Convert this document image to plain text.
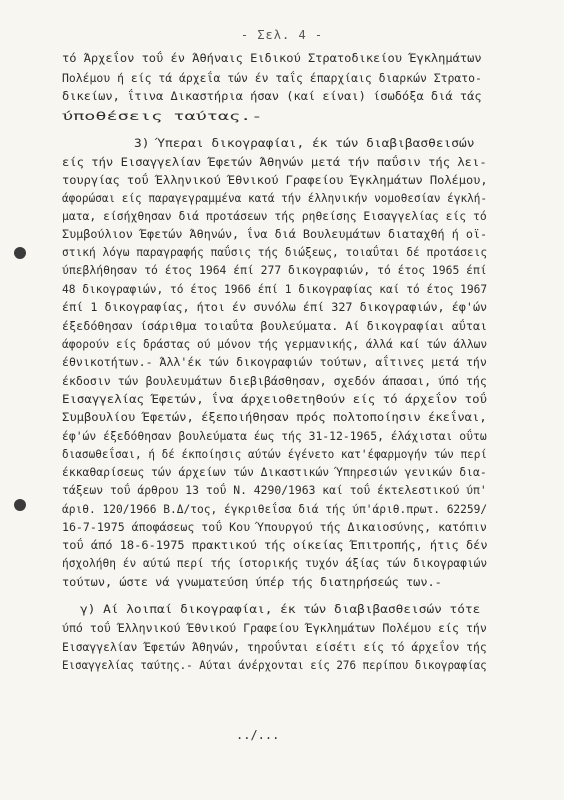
- Σελ. 4 -
τό Άρχεΐον τοΰ έν Άθήναις Ειδικού Στρατοδικείου Έγκλημάτων
Πολέμου ή είς τά άρχεΐα τών έν ταΐς έπαρχίαις διαρκών Στρατο-
δικείων, ΐτινα Δικαστήρια ήσαν (καί είναι) ίσωδόξα διά τάς
ύποθέσεις ταύτας.-
3) Ύπεραι δικογραφίαι, έκ τών διαβιβασθεισών
είς τήν Εισαγγελίαν Έφετών Άθηνών μετά τήν παΰσιν τής λει-
τουργίας τοΰ Έλληνικού Έθνικού Γραφείου Έγκλημάτων Πολέμου,
άφορώσαι είς παραγεγραμμένα κατά τήν έλληνικήν νομοθεσίαν έγκλή-
ματα, είσήχθησαν διά προτάσεων τής ρηθείσης Εισαγγελίας είς τό
Συμβούλιον Έφετών Άθηνών, ΐνα διά Βουλευμάτων διαταχθή ή οϊ-
στική λόγω παραγραφής παΰσις τής διώξεως, τοιαΰται δέ προτάσεις
ύπεβλήθησαν τό έτος 1964 έπί 277 δικογραφιών, τό έτος 1965 έπί
48 δικογραφιών, τό έτος 1966 έπί 1 δικογραφίας καί τό έτος 1967
έπί 1 δικογραφίας, ήτοι έν συνόλω έπί 327 δικογραφιών, έφ'ών
έξεδόθησαν ίσάριθμα τοιαΰτα βουλεύματα. Αί δικογραφίαι αΰται
άφορούν είς δράστας ού μόνον τής γερμανικής, άλλά καί τών άλλων
έθνικοτήτων.- Άλλ'έκ τών δικογραφιών τούτων, αΐτινες μετά τήν
έκδοσιν τών βουλευμάτων διεβιβάσθησαν, σχεδόν άπασαι, ύπό τής
Εισαγγελίας Έφετών, ΐνα άρχειοθετηθούν είς τό άρχεΐον τοΰ
Συμβουλίου Έφετών, έξεποιήθησαν πρός πολτοποίησιν έκεΐναι,
έφ'ών έξεδόθησαν βουλεύματα έως τής 31-12-1965, έλάχισται οΰτω
διασωθεΐσαι, ή δέ έκποίησις αύτών έγένετο κατ'έφαρμογήν τών περί
έκκαθαρίσεως τών άρχείων τών Δικαστικών Ύπηρεσιών γενικών δια-
τάξεων τοΰ άρθρου 13 τοΰ Ν. 4290/1963 καί τοΰ έκτελεστικού ύπ'
άριθ. 120/1966 Β.Δ/τος, έγκριθεΐσα διά τής ύπ'άριθ.πρωτ. 62259/
16-7-1975 άποφάσεως τοΰ Κου Ύπουργού τής Δικαιοσύνης, κατόπιν
τοΰ άπό 18-6-1975 πρακτικού τής οίκείας Έπιτροπής, ήτις δέν
ήσχολήθη έν αύτώ περί τής ίστορικής τυχόν άξίας τών δικογραφιών
τούτων, ώστε νά γνωματεύση ύπέρ τής διατηρήσεώς των.-
γ) Αί λοιπαί δικογραφίαι, έκ τών διαβιβασθεισών τότε
ύπό τοΰ Έλληνικού Έθνικού Γραφείου Έγκλημάτων Πολέμου είς τήν
Εισαγγελίαν Έφετών Άθηνών, τηροΰνται είσέτι είς τό άρχεΐον τής
Εισαγγελίας ταύτης.- Αύται άνέρχονται είς 276 περίπου δικογραφίας
../...
